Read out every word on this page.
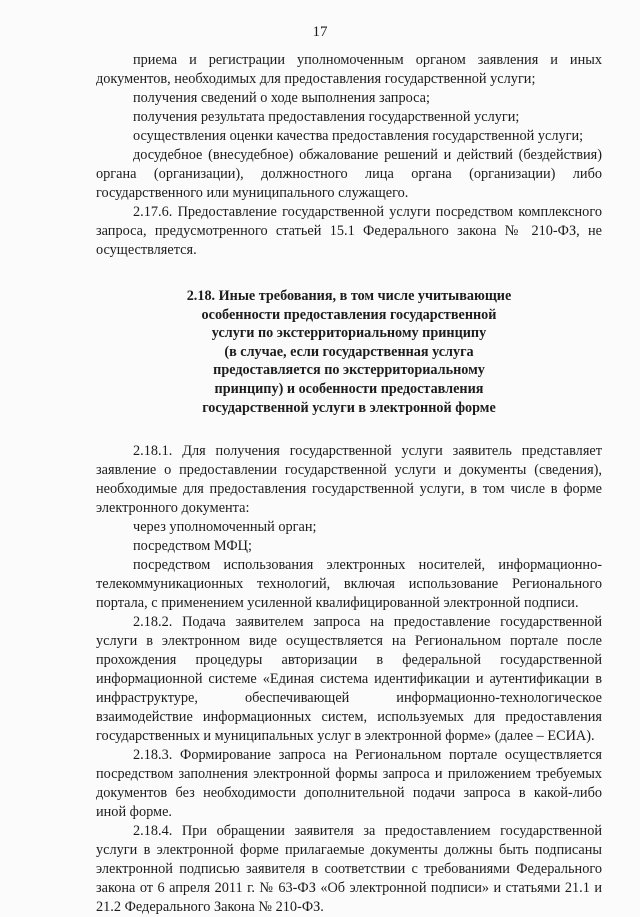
17

приема и регистрации уполномоченным органом заявления и иных документов, необходимых для предоставления государственной услуги;

получения сведений о ходе выполнения запроса;

получения результата предоставления государственной услуги;

осуществления оценки качества предоставления государственной услуги;

досудебное (внесудебное) обжалование решений и действий (бездействия) органа (организации), должностного лица органа (организации) либо государственного или муниципального служащего.

2.17.6. Предоставление государственной услуги посредством комплексного запроса, предусмотренного статьей 15.1 Федерального закона № 210-ФЗ, не осуществляется.

2.18. Иные требования, в том числе учитывающие
особенности предоставления государственной
услуги по экстерриториальному принципу
(в случае, если государственная услуга
предоставляется по экстерриториальному
принципу) и особенности предоставления
государственной услуги в электронной форме

2.18.1. Для получения государственной услуги заявитель представляет заявление о предоставлении государственной услуги и документы (сведения), необходимые для предоставления государственной услуги, в том числе в форме электронного документа:

через уполномоченный орган;

посредством МФЦ;

посредством использования электронных носителей, информационно-телекоммуникационных технологий, включая использование Регионального портала, с применением усиленной квалифицированной электронной подписи.

2.18.2. Подача заявителем запроса на предоставление государственной услуги в электронном виде осуществляется на Региональном портале после прохождения процедуры авторизации в федеральной государственной информационной системе «Единая система идентификации и аутентификации в инфраструктуре, обеспечивающей информационно-технологическое взаимодействие информационных систем, используемых для предоставления государственных и муниципальных услуг в электронной форме» (далее – ЕСИА).

2.18.3. Формирование запроса на Региональном портале осуществляется посредством заполнения электронной формы запроса и приложением требуемых документов без необходимости дополнительной подачи запроса в какой-либо иной форме.

2.18.4. При обращении заявителя за предоставлением государственной услуги в электронной форме прилагаемые документы должны быть подписаны электронной подписью заявителя в соответствии с требованиями Федерального закона от 6 апреля 2011 г. № 63-ФЗ «Об электронной подписи» и статьями 21.1 и 21.2 Федерального Закона № 210-ФЗ.
